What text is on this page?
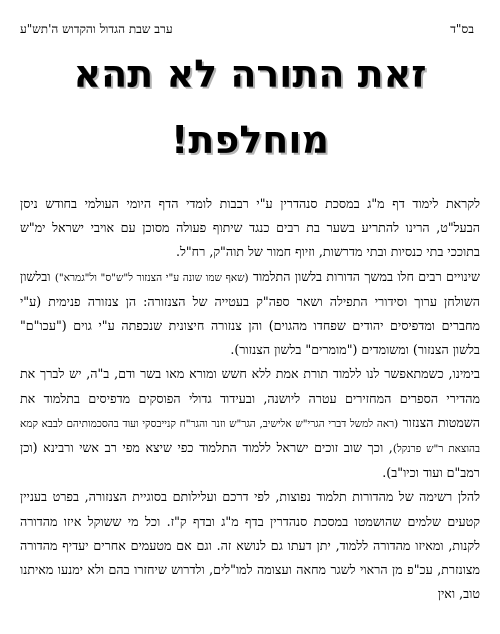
בס"ד
ערב שבת הגדול והקדוש ה'תש"ע
זאת התורה לא תהא
מוחלפת!

לקראת לימוד דף מ"ג במסכת סנהדרין ע"י רבבות לומדי הדף היומי העולמי בחודש ניסן הבעל"ט, הרינו להתריע בשער בת רבים כנגד שיתוף פעולה מסוכן עם אויבי ישראל ימ"ש בתוככי בתי כנסיות ובתי מדרשות, וזיוף חמור של תוה"ק, רח"ל.

שינויים רבים חלו במשך הדורות בלשון התלמוד (שאף שמו שונה ע"י הצנזור ל"ש"ס" ול"גמרא") ובלשון השולחן ערוך וסידורי התפילה ושאר ספה"ק בעטייה של הצנזורה: הן צנזורה פנימית (ע"י מחברים ומדפיסים יהודים שפחדו מהגוים) והן צנזורה חיצונית שנכפתה ע"י גוים ("עכו"ם" בלשון הצנזור) ומשומדים ("מומרים" בלשון הצנזור).

בימינו, כשמתאפשר לנו ללמוד תורת אמת ללא חשש ומורא מאו בשר ודם, ב"ה, יש לברך את מהדירי הספרים המחזירים עטרה ליושנה, ובעידוד גדולי הפוסקים מדפיסים בתלמוד את השמטות הצנזור (ראה למשל דברי הגרי"ש אלישיב, הגר"ש וזנר והגר"ח קנייבסקי ועוד בהסכמותיהם לבבא קמא בהוצאת ר"ש פרנקל), וכך שוב זוכים ישראל ללמוד התלמוד כפי שיצא מפי רב אשי ורבינא (וכן רמב"ם ועוד וכיו"ב).

להלן רשימה של מהדורות תלמוד נפוצות, לפי דרכם ועלילותם בסוגיית הצנזורה, בפרט בעניין קטעים שלמים שהושמטו במסכת סנהדרין בדף מ"ג ובדף ק"ז. וכל מי ששוקל איזו מהדורה לקנות, ומאיזו מהדורה ללמוד, יתן דעתו גם לנושא זה. וגם אם מטעמים אחרים יעדיף מהדורה מצונזרת, עכ"פ מן הראוי לשגר מחאה ועצומה למו"לים, ולדרוש שיחזרו בהם ולא ימנעו מאיתנו טוב, ואין
